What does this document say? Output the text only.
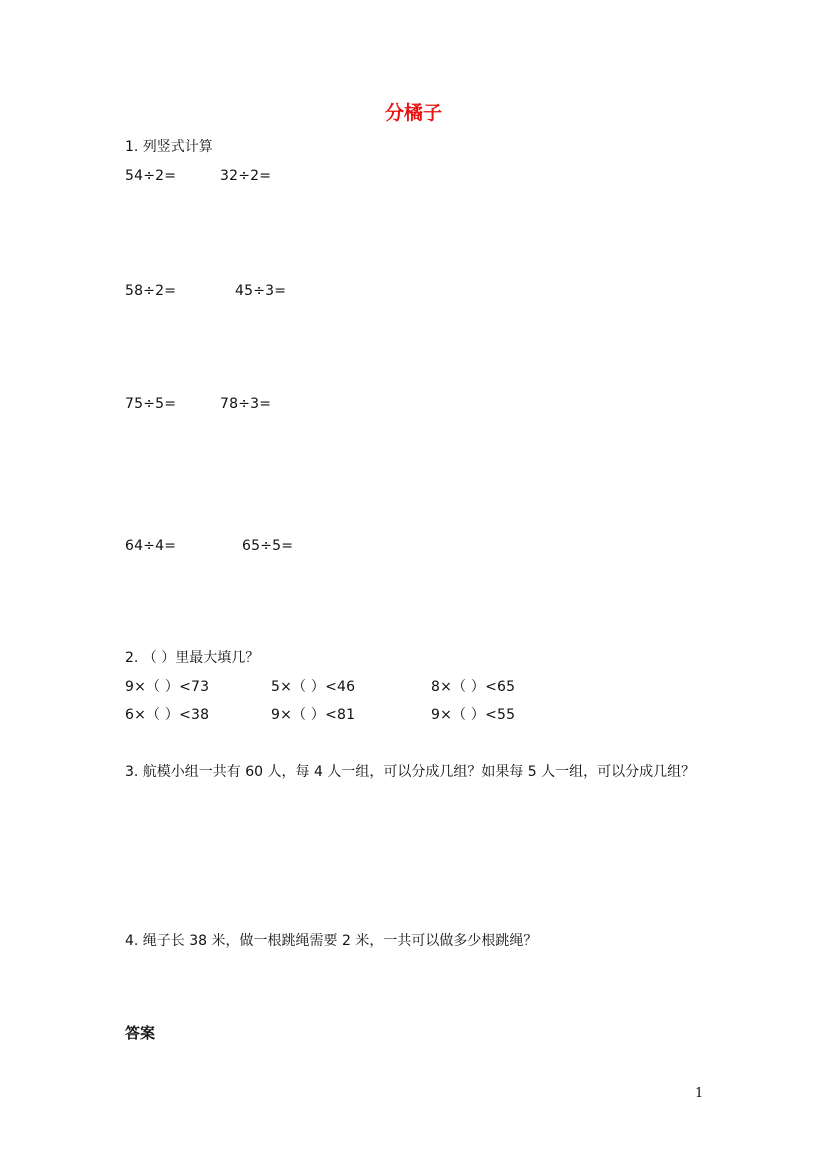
分橘子
1. 列竖式计算
54÷2=	32÷2=
58÷2=	45÷3=
75÷5=	78÷3=
64÷4=	65÷5=
2. （ ）里最大填几？
9×（ ）<73	5×（ ）<46	8×（ ）<65
6×（ ）<38	9×（ ）<81	9×（ ）<55
3. 航模小组一共有 60 人，每 4 人一组，可以分成几组？如果每 5 人一组，可以分成几组？
4. 绳子长 38 米，做一根跳绳需要 2 米，一共可以做多少根跳绳？
答案
1
